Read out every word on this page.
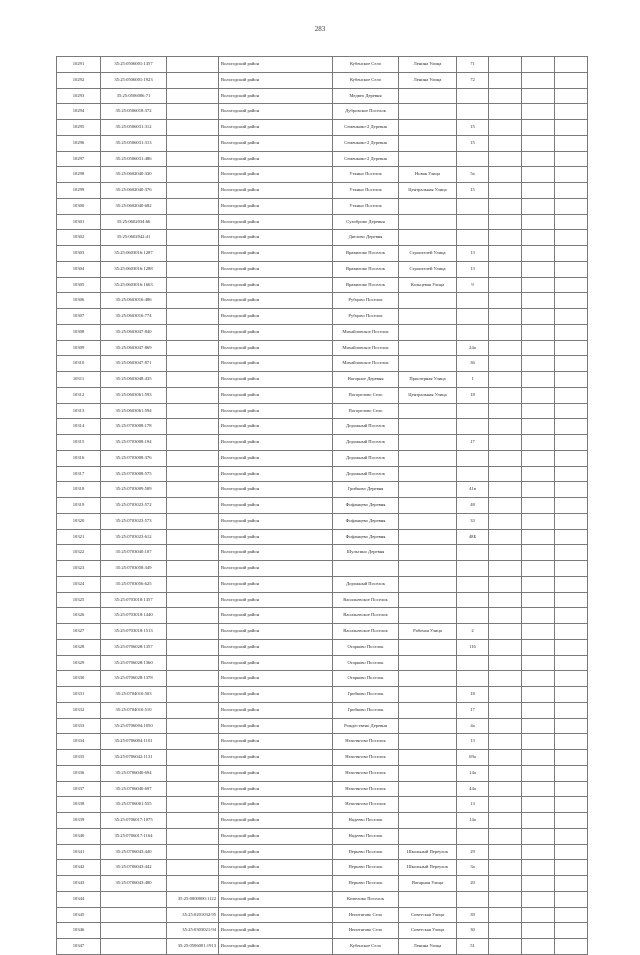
283
10291	35:25:0506001:1357		Вологодский район	Кубенское Село	Ленина Улица	71			
10292	35:25:0506001:1923		Вологодский район	Кубенское Село	Ленина Улица	72			
10293	35:25:0506006:71		Вологодский район	Медвео Деревня					
10294	35:25:0506018:372		Вологодский район	Дубровское Поселок					
10295	35:25:0506031:312		Вологодский район	Семенково-2 Деревня		15			
10296	35:25:0506031:313		Вологодский район	Семенково-2 Деревня		15			
10297	35:25:0506031:486		Вологодский район	Семенково-2 Деревня					
10298	35:25:0602040:330		Вологодский район	Уткино Поселок	Новая Улица	5а			
10299	35:25:0602040:376		Вологодский район	Уткино Поселок	Центральная Улица	15			
10300	35:25:0602040:682		Вологодский район	Уткино Поселок					
10301	35:25:0602034:66		Вологодский район	Сухоброво Деревня					
10302	35:25:0602042:41		Вологодский район	Дятлово Деревня					
10303	35:25:0603016:1287		Вологодский район	Вравилово Поселок	Строителей Улица	13			
10304	35:25:0603016:1288		Вологодский район	Вравилово Поселок	Строителей Улица	13			
10305	35:25:0603016:1663		Вологодский район	Вравилово Поселок	Кольцевая Улица	9			
10306	35:25:0603016:486		Вологодский район	Рубцово Поселок					
10307	35:25:0603016:774		Вологодский район	Рубцово Поселок					
10308	35:25:0603047:840		Вологодский район	Михайловское Поселок					
10309	35:25:0603047:869		Вологодский район	Михайловское Поселок		24а			
10310	35:25:0603047:871		Вологодский район	Михайловское Поселок		36			
10311	35:25:0603048:435		Вологодский район	Нагорное Деревня	Приозерная Улица	1			
10312	35:25:0603061:593		Вологодский район	Погорелово Село	Центральная Улица	18			
10313	35:25:0603061:594		Вологодский район	Погорелово Село					
10314	35:25:0703008:178		Вологодский район	Дорожный Поселок					
10315	35:25:0703008:194		Вологодский район	Дорожный Поселок		17			
10316	35:25:0703008:376		Вологодский район	Дорожный Поселок					
10317	35:25:0703008:575		Вологодский район	Дорожный Поселок					
10318	35:25:0703009:509		Вологодский район	Грибково Деревня		41в			
10319	35:25:0703023:572		Вологодский район	Фофанцево Деревня		48			
10320	35:25:0703023:573		Вологодский район	Фофанцево Деревня		33			
10321	35:25:0703023:612		Вологодский район	Фофанцево Деревня		48Б			
10322	35:25:0703040:107		Вологодский район	Шульгино Деревня					
10323	35:25:0703058:349		Вологодский район						
10324	35:25:0703056:625		Вологодский район	Дорожный Поселок					
10325	35:25:0703018:1357		Вологодский район	Васильевское Поселок					
10326	35:25:0703018:1440		Вологодский район	Васильевское Поселок					
10327	35:25:0703018:1513		Вологодский район	Васильевское Поселок	Рабочая Улица	2			
10328	35:25:0706028:1357		Вологодский район	Огарково Поселок		116			
10329	35:25:0706028:1360		Вологодский район	Огарково Поселок					
10330	35:25:0706028:1378		Вологодский район	Огарково Поселок					
10331	35:25:0704010:503		Вологодский район	Грибково Поселок		18			
10332	35:25:0704010:510		Вологодский район	Грибково Поселок		17			
10333	35:25:0706004:1050		Вологодский район	Рождествено Деревня		4а			
10334	35:25:0706004:1101		Вологодский район	Непотягово Поселок		13			
10335	35:25:0706042:1131		Вологодский район	Непотягово Поселок		69а			
10336	35:25:0706040:694		Вологодский район	Непотягово Поселок		14а			
10337	35:25:0706040:697		Вологодский район	Непотягово Поселок		44а			
10338	35:25:0706001:555		Вологодский район	Непотягово Поселок		13			
10339	35:25:0706017:1075		Вологодский район	Надеево Поселок		14а			
10340	35:25:0706017:1164		Вологодский район	Надеево Поселок					
10341	35:25:0706043:440		Вологодский район	Перьево Поселок	Школьный Переулок	29			
10342	35:25:0706043:442		Вологодский район	Перьево Поселок	Школьный Переулок	3а			
10343	35:25:0706043:480		Вологодский район	Перьево Поселок	Ватарная Улица	20			
10344		35:25:0000000:1122	Вологодский район	Кипелово Поселок					
10345		35:25:0201032:95	Вологодский район	Непотягово Село	Советская Улица	39			
10346		35:25:0303021:94	Вологодский район	Непотягово Село	Советская Улица	30			
10347		35:25:0506001:1913	Вологодский район	Кубенское Село	Ленина Улица	51			
